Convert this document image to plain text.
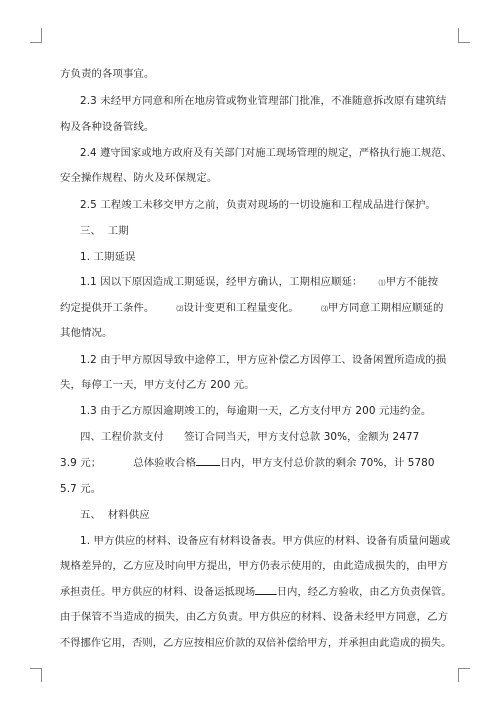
方负责的各项事宜。

2.3 未经甲方同意和所在地房管或物业管理部门批准，不准随意拆改原有建筑结

构及各种设备管线。

2.4 遵守国家或地方政府及有关部门对施工现场管理的规定，严格执行施工规范、

安全操作规程、防火及环保规定。

2.5 工程竣工未移交甲方之前，负责对现场的一切设施和工程成品进行保护。

三、  工期

1. 工期延误

1.1 因以下原因造成工期延误，经甲方确认，工期相应顺延： ⑴甲方不能按

约定提供开工条件。	⑵设计变更和工程量变化。	⑶甲方同意工期相应顺延的

其他情况。

1.2 由于甲方原因导致中途停工，甲方应补偿乙方因停工、设备闲置所造成的损

失，每停工一天，甲方支付乙方 200 元。

1.3 由于乙方原因逾期竣工的，每逾期一天，乙方支付甲方 200 元违约金。

四、工程价款支付 签订合同当天，甲方支付总款 30%，金额为 2477

3.9 元；	总体验收合格 日内，甲方支付总价款的剩余 70%，计 5780

5.7 元。

五、  材料供应

1. 甲方供应的材料、设备应有材料设备表。甲方供应的材料、设备有质量问题或

规格差异的，乙方应及时向甲方提出，甲方仍表示使用的，由此造成损失的，由甲方

承担责任。甲方供应的材料、设备运抵现场 日内，经乙方验收，由乙方负责保管。

由于保管不当造成的损失，由乙方负责。甲方供应的材料、设备未经甲方同意，乙方

不得挪作它用，否则，乙方应按相应价款的双倍补偿给甲方，并承担由此造成的损失。
